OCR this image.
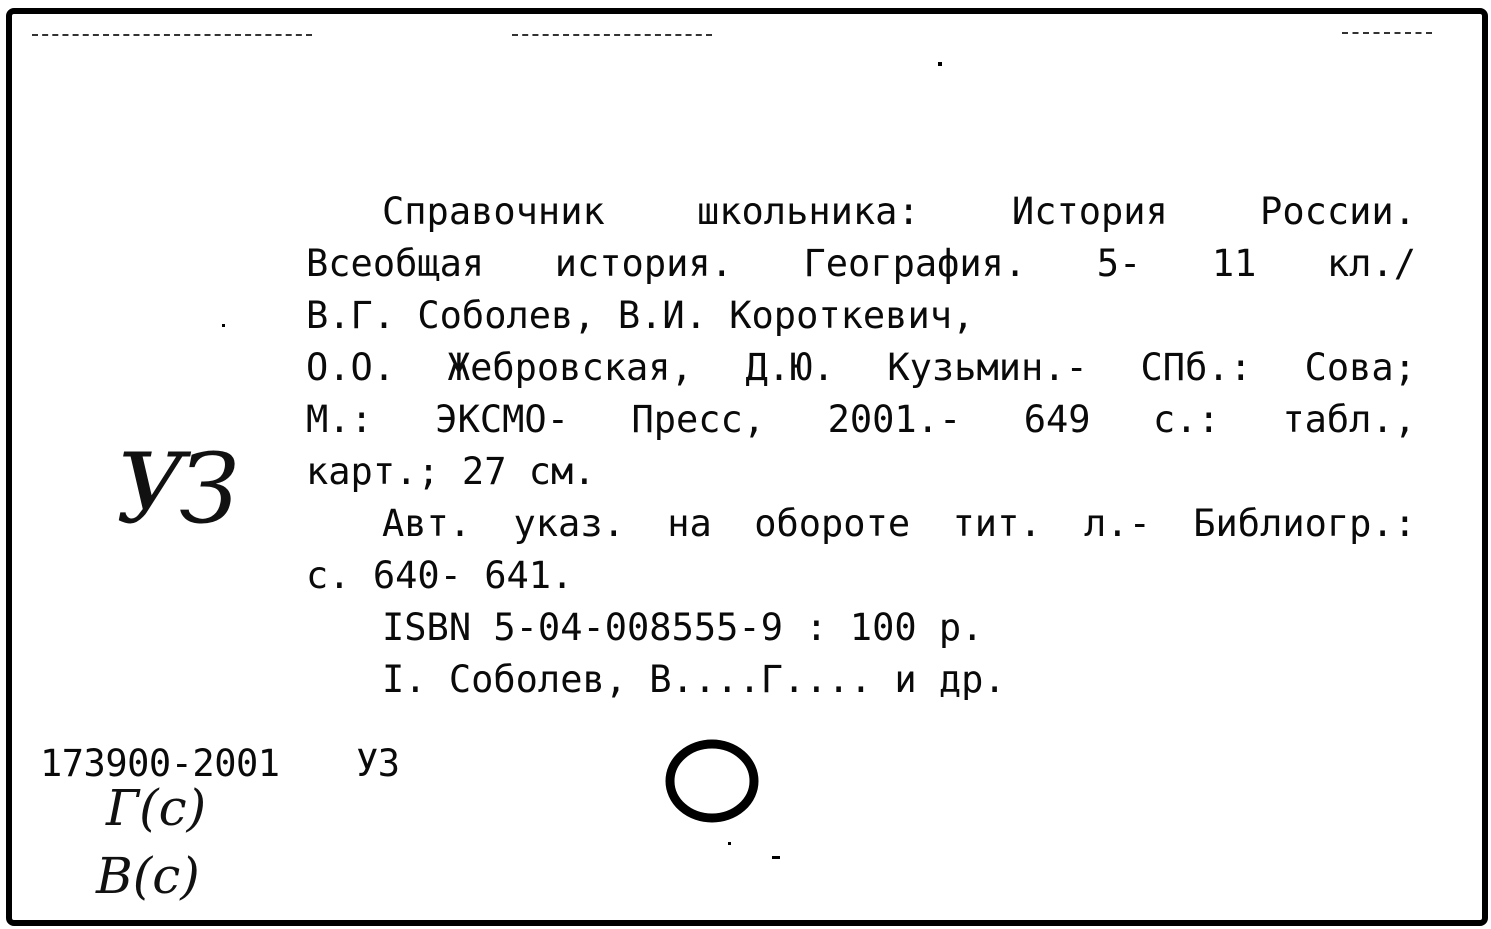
Справочник школьника: История России.
Всеобщая история. География. 5- 11 кл./
В.Г. Соболев, В.И. Короткевич,
О.О. Жебровская, Д.Ю. Кузьмин.- СПб.: Сова;
М.: ЭКСМО- Пресс, 2001.- 649 с.: табл.,
карт.; 27 см.
Авт. указ. на обороте тит. л.- Библиогр.:
с. 640- 641.
ISBN 5-04-008555-9 : 100 р.
I. Соболев, В....Г.... и др.
УЗ
173900-2001 УЗ
Г(с)
В(с)
